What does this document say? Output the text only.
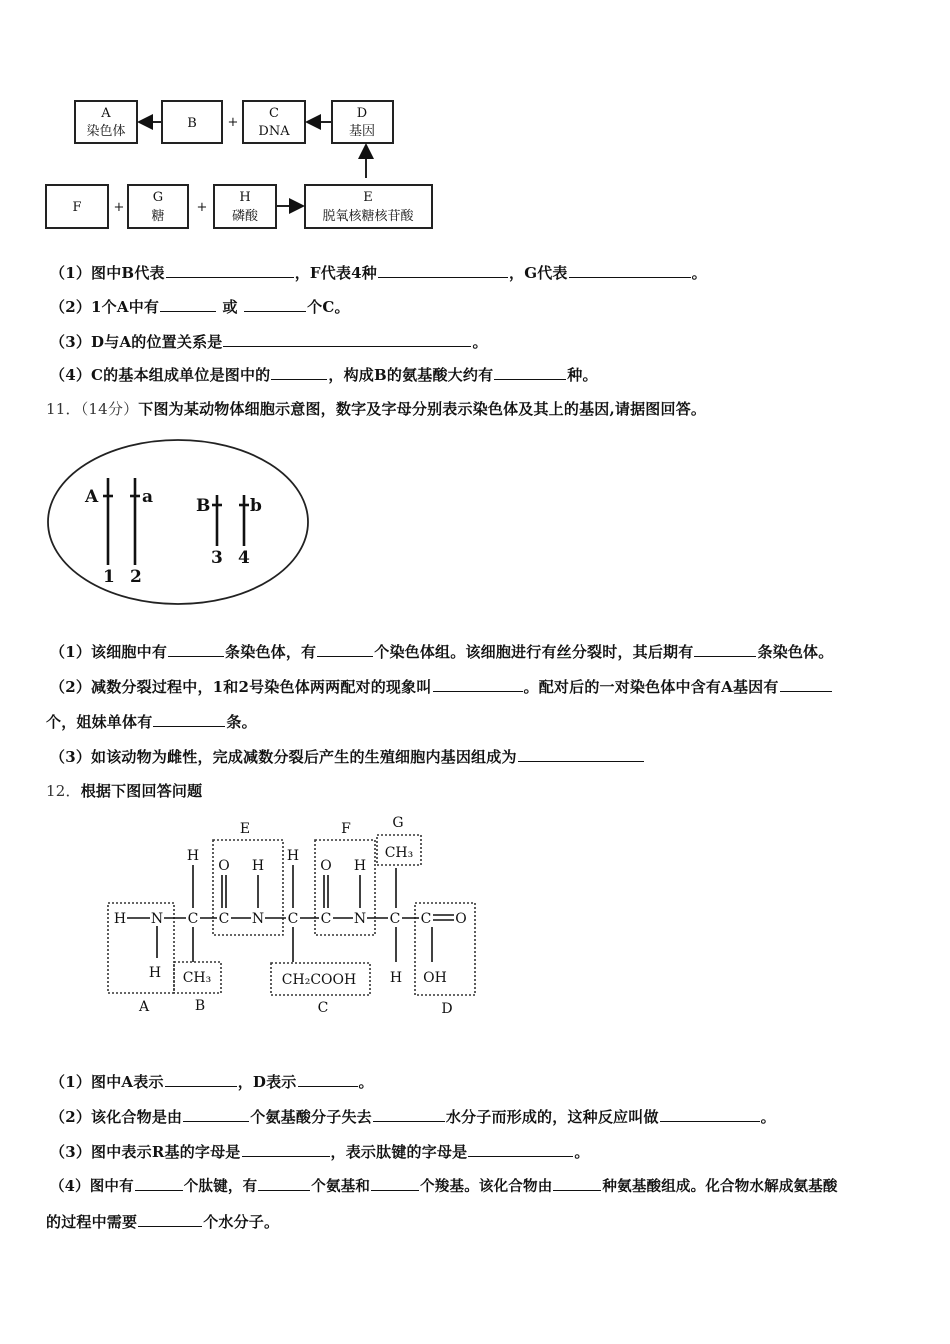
A
染色体
B
C
DNA
D
基因
F
G
糖
H
磷酸
E
脱氧核糖核苷酸
+
+	+
（1）图中B代表	，F代表4种	，G代表	。
（2）1个A中有	或	个C。
（3）D与A的位置关系是	。
（4）C的基本组成单位是图中的	，构成B的氨基酸大约有	种。
11．（14分）下图为某动物体细胞示意图，数字及字母分别表示染色体及其上的基因,请据图回答。
A	a	B b
1 2
3 4
（1）该细胞中有	条染色体，有	个染色体组。该细胞进行有丝分裂时，其后期有	条染色体。
（2）减数分裂过程中，1和2号染色体两两配对的现象叫	。配对后的一对染色体中含有A基因有
个，姐妹单体有	条。
（3）如该动物为雌性，完成减数分裂后产生的生殖细胞内基因组成为
12．根据下图回答问题
H N C C N C C N C C O
H
O H
H
O H
CH₃
H CH₃	CH₂COOH H OH
E	F	G
A	B	C	D
（1）图中A表示	，D表示	。
（2）该化合物是由	个氨基酸分子失去	水分子而形成的，这种反应叫做	。
（3）图中表示R基的字母是	，表示肽键的字母是	。
（4）图中有	个肽键，有	个氨基和	个羧基。该化合物由	种氨基酸组成。化合物水解成氨基酸
的过程中需要	个水分子。
